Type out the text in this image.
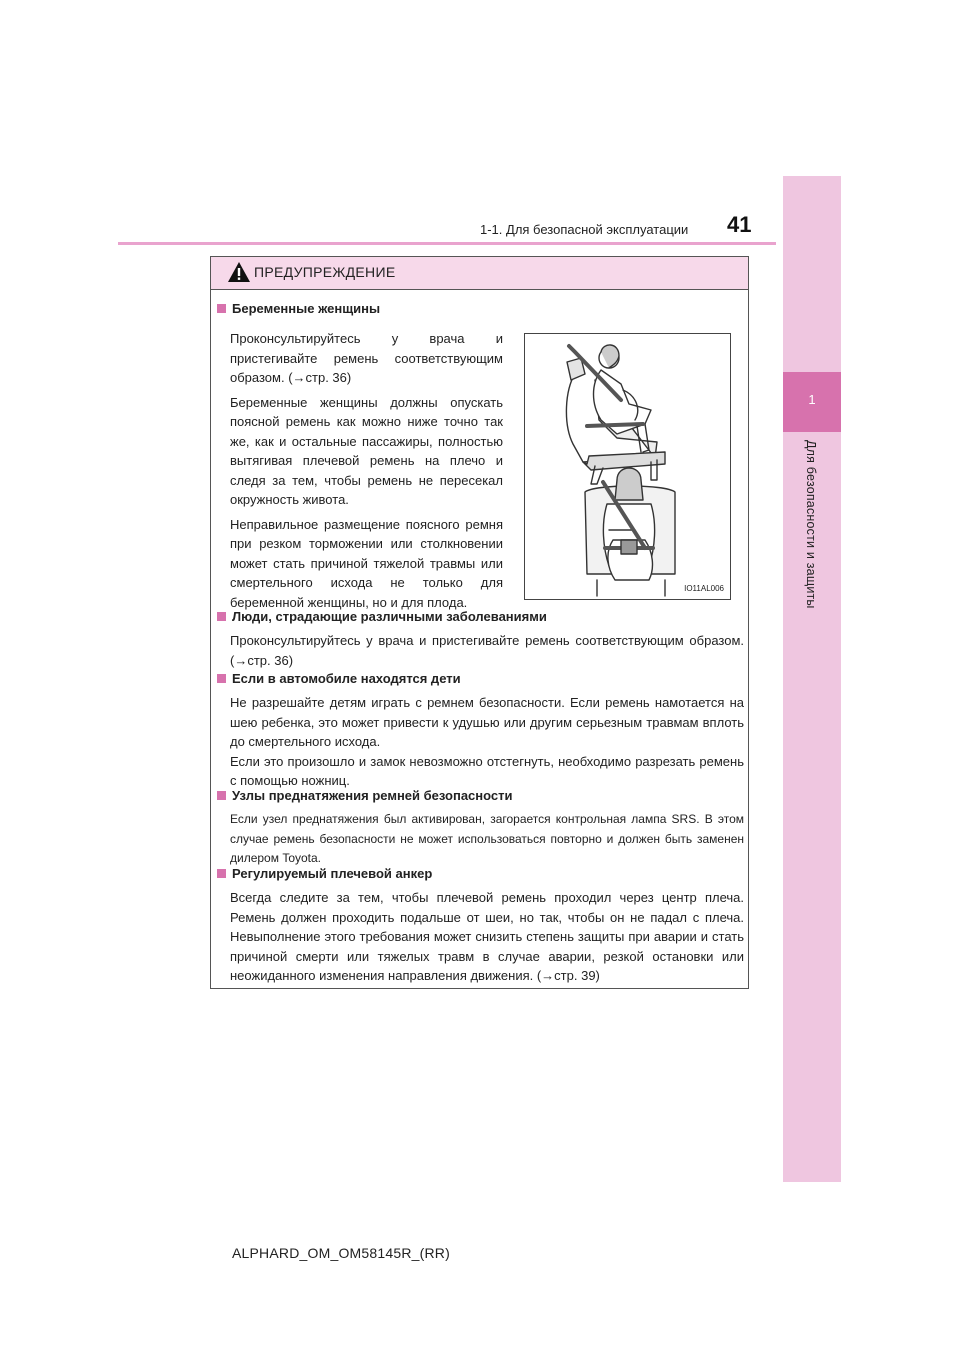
1-1. Для безопасной эксплуатации 41
1
Для безопасности и защиты
ПРЕДУПРЕЖДЕНИЕ
Беременные женщины
Проконсультируйтесь у врача и пристегивайте ремень соответствующим образом. (→стр. 36)
Беременные женщины должны опускать поясной ремень как можно ниже точно так же, как и остальные пассажиры, полностью вытягивая плечевой ремень на плечо и следя за тем, чтобы ремень не пересекал окружность живота.
Неправильное размещение поясного ремня при резком торможении или столкновении может стать причиной тяжелой травмы или смертельного исхода не только для беременной женщины, но и для плода.
Люди, страдающие различными заболеваниями
Проконсультируйтесь у врача и пристегивайте ремень соответствующим образом. (→стр. 36)
Если в автомобиле находятся дети
Не разрешайте детям играть с ремнем безопасности. Если ремень намотается на шею ребенка, это может привести к удушью или другим серьезным травмам вплоть до смертельного исхода.
Если это произошло и замок невозможно отстегнуть, необходимо разрезать ремень с помощью ножниц.
Узлы преднатяжения ремней безопасности
Если узел преднатяжения был активирован, загорается контрольная лампа SRS. В этом случае ремень безопасности не может использоваться повторно и должен быть заменен дилером Toyota.
Регулируемый плечевой анкер
Всегда следите за тем, чтобы плечевой ремень проходил через центр плеча. Ремень должен проходить подальше от шеи, но так, чтобы он не падал с плеча. Невыполнение этого требования может снизить степень защиты при аварии и стать причиной смерти или тяжелых травм в случае аварии, резкой остановки или неожиданного изменения направления движения. (→стр. 39)
IO11AL006
ALPHARD_OM_OM58145R_(RR)
